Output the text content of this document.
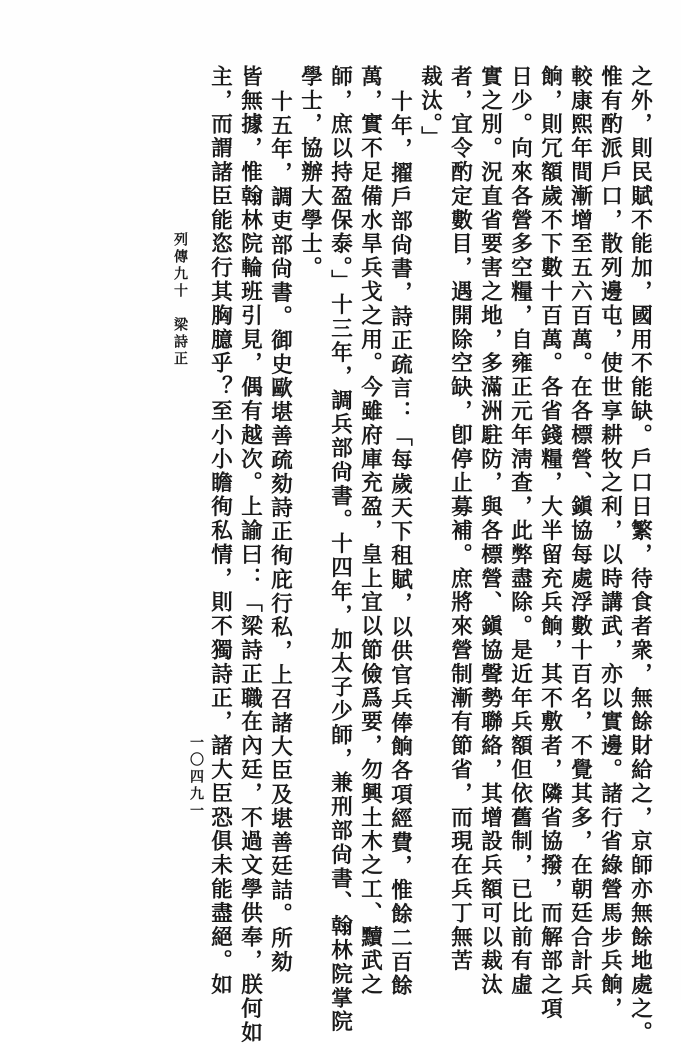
列傳九十　梁詩正
一〇四九一	之外，則民賦不能加，國用不能缺。戶口日繁，待食者衆，無餘財給之，京師亦無餘地處之。
惟有酌派戶口，散列邊屯，使世享耕牧之利，以時講武，亦以實邊。諸行省綠營馬步兵餉，
較康熙年間漸增至五六百萬。在各標營、鎭協每處浮數十百名，不覺其多，在朝廷合計兵
餉，則冗額歲不下數十百萬。各省錢糧，大半留充兵餉，其不敷者，隣省協撥，而解部之項
日少。向來各營多空糧，自雍正元年淸查，此弊盡除。是近年兵額但依舊制，已比前有虛
實之別。況直省要害之地，多滿洲駐防，與各標營、鎭協聲勢聯絡，其增設兵額可以裁汰
者，宜令酌定數目，遇開除空缺，卽停止募補。庶將來營制漸有節省，而現在兵丁無苦
裁汰。」
十年，擢戶部尙書，詩正疏言：「每歲天下租賦，以供官兵俸餉各項經費，惟餘二百餘
萬，實不足備水旱兵戈之用。今雖府庫充盈，皇上宜以節儉爲要，勿興土木之工、黷武之
師，庶以持盈保泰。」十三年，調兵部尙書。十四年，加太子少師，兼刑部尙書、翰林院掌院
學士，協辦大學士。
十五年，調吏部尙書。御史歐堪善疏劾詩正徇庇行私，上召諸大臣及堪善廷詰。所劾
皆無據，惟翰林院輪班引見，偶有越次。上諭曰：「梁詩正職在內廷，不過文學供奉，朕何如
主，而謂諸臣能恣行其胸臆乎？至小小瞻徇私情，則不獨詩正，諸大臣恐俱未能盡絕。如
